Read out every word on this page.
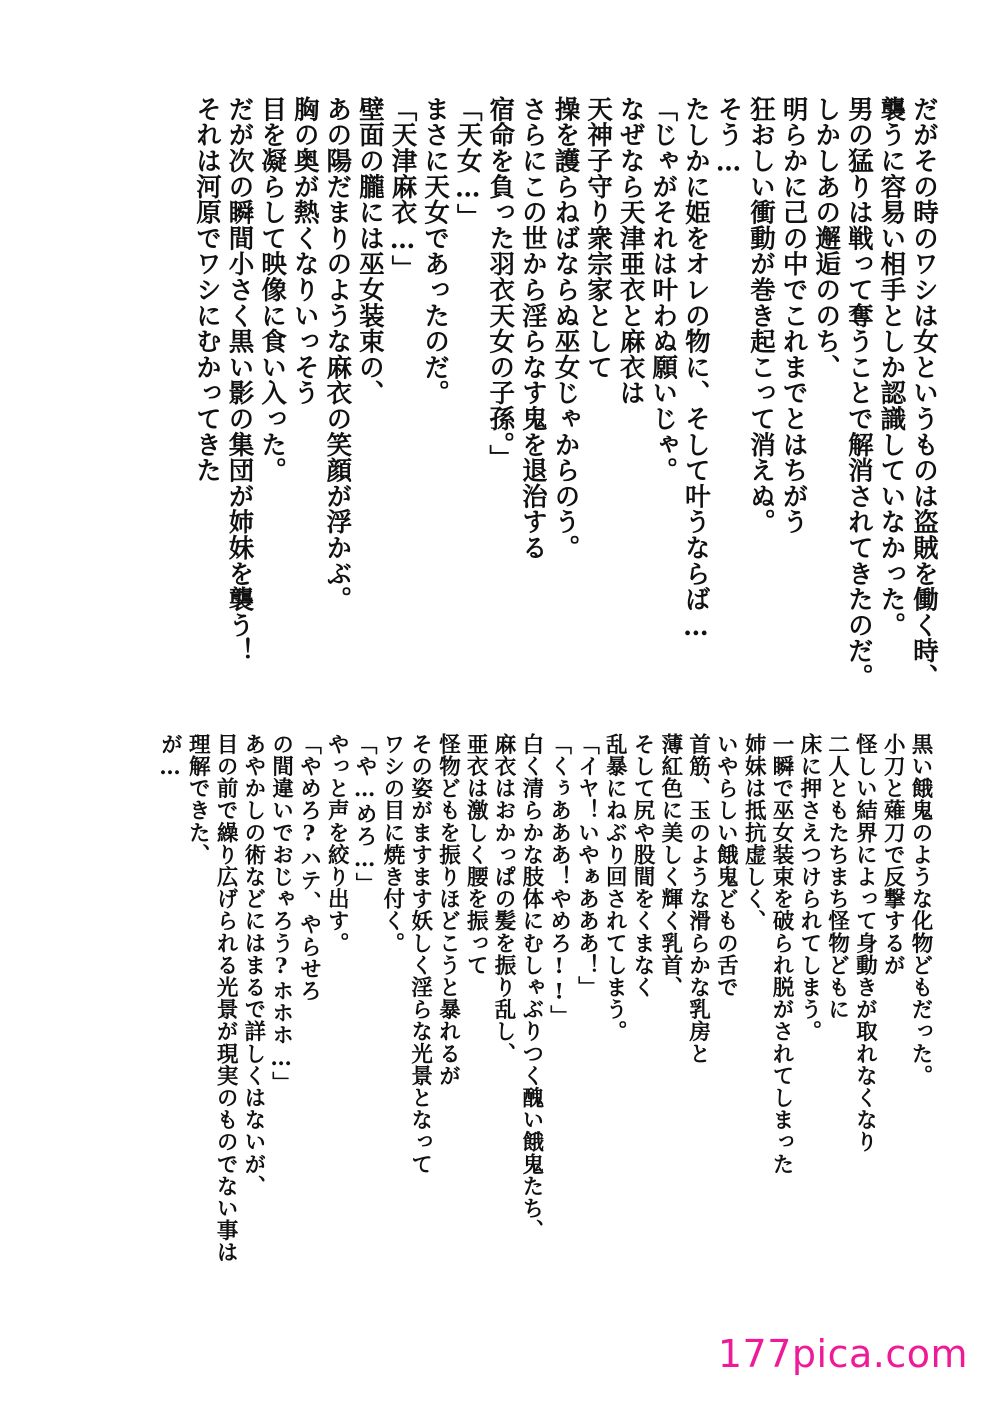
だがその時のワシは女というものは盗賊を働く時、
襲うに容易い相手としか認識していなかった。
男の猛りは戦って奪うことで解消されてきたのだ。
しかしあの邂逅ののち、
明らかに己の中でこれまでとはちがう
狂おしい衝動が巻き起こって消えぬ。
そう…
たしかに姫をオレの物に、そして叶うならば…
「じゃがそれは叶わぬ願いじゃ。
なぜなら天津亜衣と麻衣は
天神子守り衆宗家として
操を護らねばならぬ巫女じゃからのう。
さらにこの世から淫らなす鬼を退治する
宿命を負った羽衣天女の子孫。」
「天女…」
まさに天女であったのだ。
「天津麻衣…」
壁面の朧には巫女装束の、
あの陽だまりのような麻衣の笑顔が浮かぶ。
胸の奥が熱くなりいっそう
目を凝らして映像に食い入った。
だが次の瞬間小さく黒い影の集団が姉妹を襲う！
それは河原でワシにむかってきた
黒い餓鬼のような化物どもだった。
小刀と薙刀で反撃するが
怪しい結界によって身動きが取れなくなり
二人ともたちまち怪物どもに
床に押さえつけられてしまう。
一瞬で巫女装束を破られ脱がされてしまった
姉妹は抵抗虚しく、
いやらしい餓鬼どもの舌で
首筋、玉のような滑らかな乳房と
薄紅色に美しく輝く乳首、
そして尻や股間をくまなく
乱暴にねぶり回されてしまう。
「イヤ！いやぁあああ！」
「くぅあああ！やめろ!!」
白く清らかな肢体にむしゃぶりつく醜い餓鬼たち、
麻衣はおかっぱの髪を振り乱し、
亜衣は激しく腰を振って
怪物どもを振りほどこうと暴れるが
その姿がますます妖しく淫らな光景となって
ワシの目に焼き付く。
「や…めろ…」
やっと声を絞り出す。
「やめろ?ハテ、やらせろ
の間違いでおじゃろう?ホホホ…」
あやかしの術などにはまるで詳しくはないが、
目の前で繰り広げられる光景が現実のものでない事は
理解できた、
が…
177pica.com
